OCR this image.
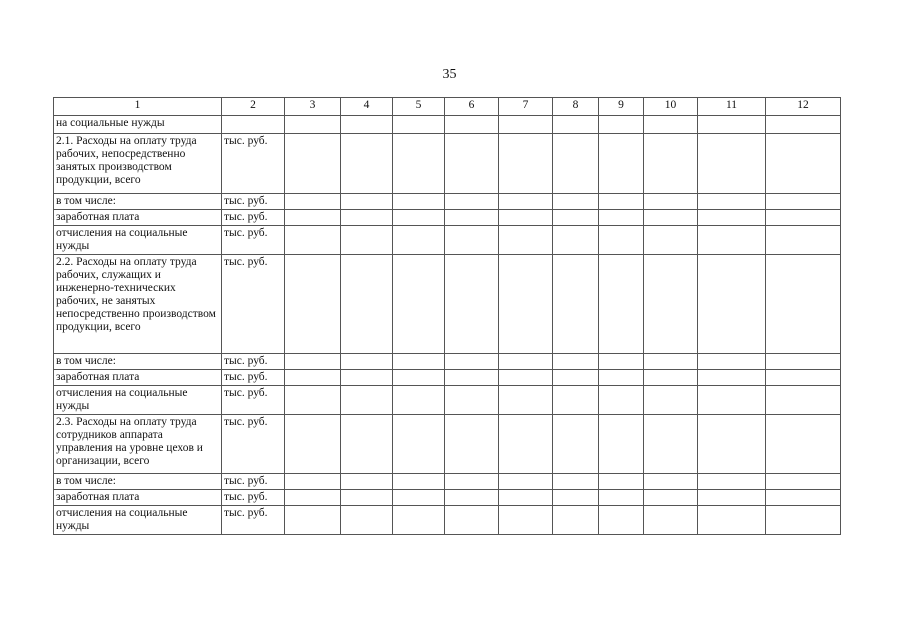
35
1	2	3	4	5	6	7	8	9	10	11	12
на социальные нужды											
2.1. Расходы на оплату труда рабочих, непосредственно занятых производством продукции, всего	тыс. руб.										
в том числе:	тыс. руб.										
заработная плата	тыс. руб.										
отчисления на социальные нужды	тыс. руб.										
2.2. Расходы на оплату труда рабочих, служащих и инженерно-технических рабочих, не занятых непосредственно производством продукции, всего	тыс. руб.										
в том числе:	тыс. руб.										
заработная плата	тыс. руб.										
отчисления на социальные нужды	тыс. руб.										
2.3. Расходы на оплату труда сотрудников аппарата управления на уровне цехов и организации, всего	тыс. руб.										
в том числе:	тыс. руб.										
заработная плата	тыс. руб.										
отчисления на социальные нужды	тыс. руб.										
